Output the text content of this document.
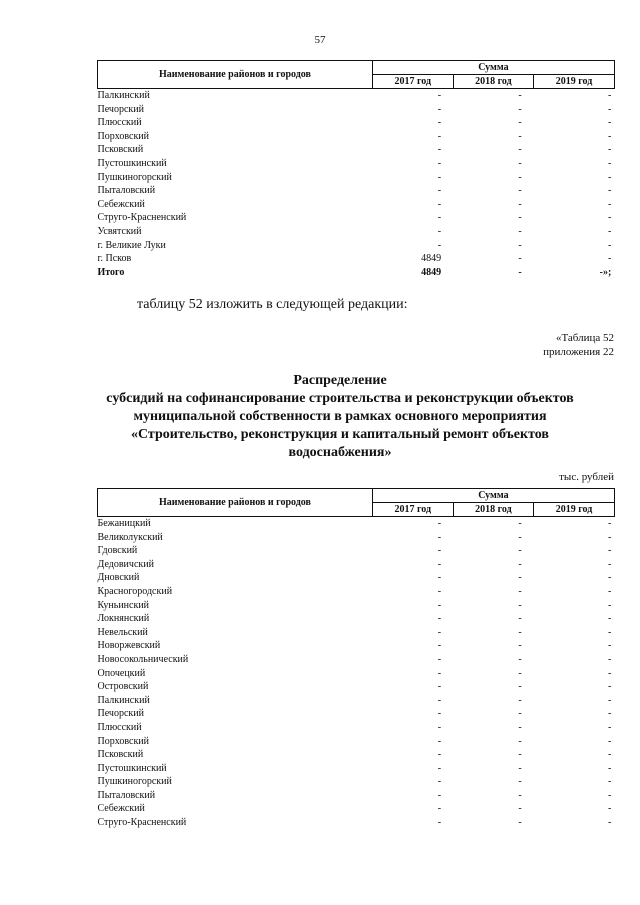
57
Наименование районов и городов	Сумма		
	2017 год	2018 год	2019 год
Палкинский	-	-	-
Печорский	-	-	-
Плюсский	-	-	-
Порховский	-	-	-
Псковский	-	-	-
Пустошкинский	-	-	-
Пушкиногорский	-	-	-
Пыталовский	-	-	-
Себежский	-	-	-
Струго-Красненский	-	-	-
Усвятский	-	-	-
г. Великие Луки	-	-	-
г. Псков	4849	-	-
Итого	4849	-	-»;
таблицу 52 изложить в следующей редакции:
«Таблица 52
приложения 22
Распределение
субсидий на софинансирование строительства и реконструкции объектов
муниципальной собственности в рамках основного мероприятия
«Строительство, реконструкция и капитальный ремонт объектов
водоснабжения»
тыс. рублей
Наименование районов и городов	Сумма		
	2017 год	2018 год	2019 год
Бежаницкий	-	-	-
Великолукский	-	-	-
Гдовский	-	-	-
Дедовичский	-	-	-
Дновский	-	-	-
Красногородский	-	-	-
Куньинский	-	-	-
Локнянский	-	-	-
Невельский	-	-	-
Новоржевский	-	-	-
Новосокольнический	-	-	-
Опочецкий	-	-	-
Островский	-	-	-
Палкинский	-	-	-
Печорский	-	-	-
Плюсский	-	-	-
Порховский	-	-	-
Псковский	-	-	-
Пустошкинский	-	-	-
Пушкиногорский	-	-	-
Пыталовский	-	-	-
Себежский	-	-	-
Струго-Красненский	-	-	-
